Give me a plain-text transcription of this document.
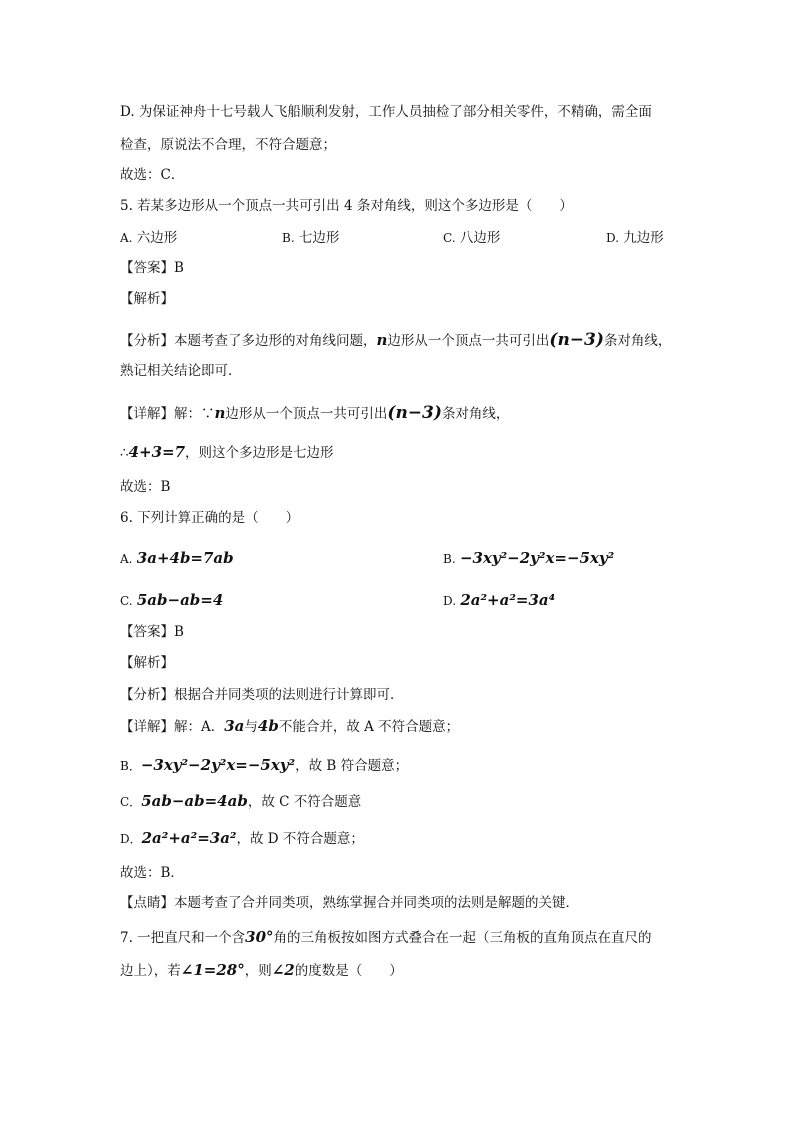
D. 为保证神舟十七号载人飞船顺利发射，工作人员抽检了部分相关零件，不精确，需全面
检查，原说法不合理，不符合题意；
故选：C．
5. 若某多边形从一个顶点一共可引出 4 条对角线，则这个多边形是（　　）
A. 六边形	B. 七边形	C. 八边形	D. 九边形
【答案】B
【解析】
【分析】本题考查了多边形的对角线问题，n边形从一个顶点一共可引出(n−3)条对角线，
熟记相关结论即可．
【详解】解：∵n边形从一个顶点一共可引出(n−3)条对角线，
∴4+3=7，则这个多边形是七边形
故选：B
6. 下列计算正确的是（　　）
A. 3a+4b=7ab	B. −3xy²−2y²x=−5xy²
C. 5ab−ab=4	D. 2a²+a²=3a⁴
【答案】B
【解析】
【分析】根据合并同类项的法则进行计算即可．
【详解】解：A．3a与4b不能合并，故 A 不符合题意；
B．−3xy²−2y²x=−5xy²，故 B 符合题意；
C．5ab−ab=4ab，故 C 不符合题意
D．2a²+a²=3a²，故 D 不符合题意；
故选：B．
【点睛】本题考查了合并同类项，熟练掌握合并同类项的法则是解题的关键．
7. 一把直尺和一个含30°角的三角板按如图方式叠合在一起（三角板的直角顶点在直尺的
边上），若∠1=28°，则∠2的度数是（　　）
